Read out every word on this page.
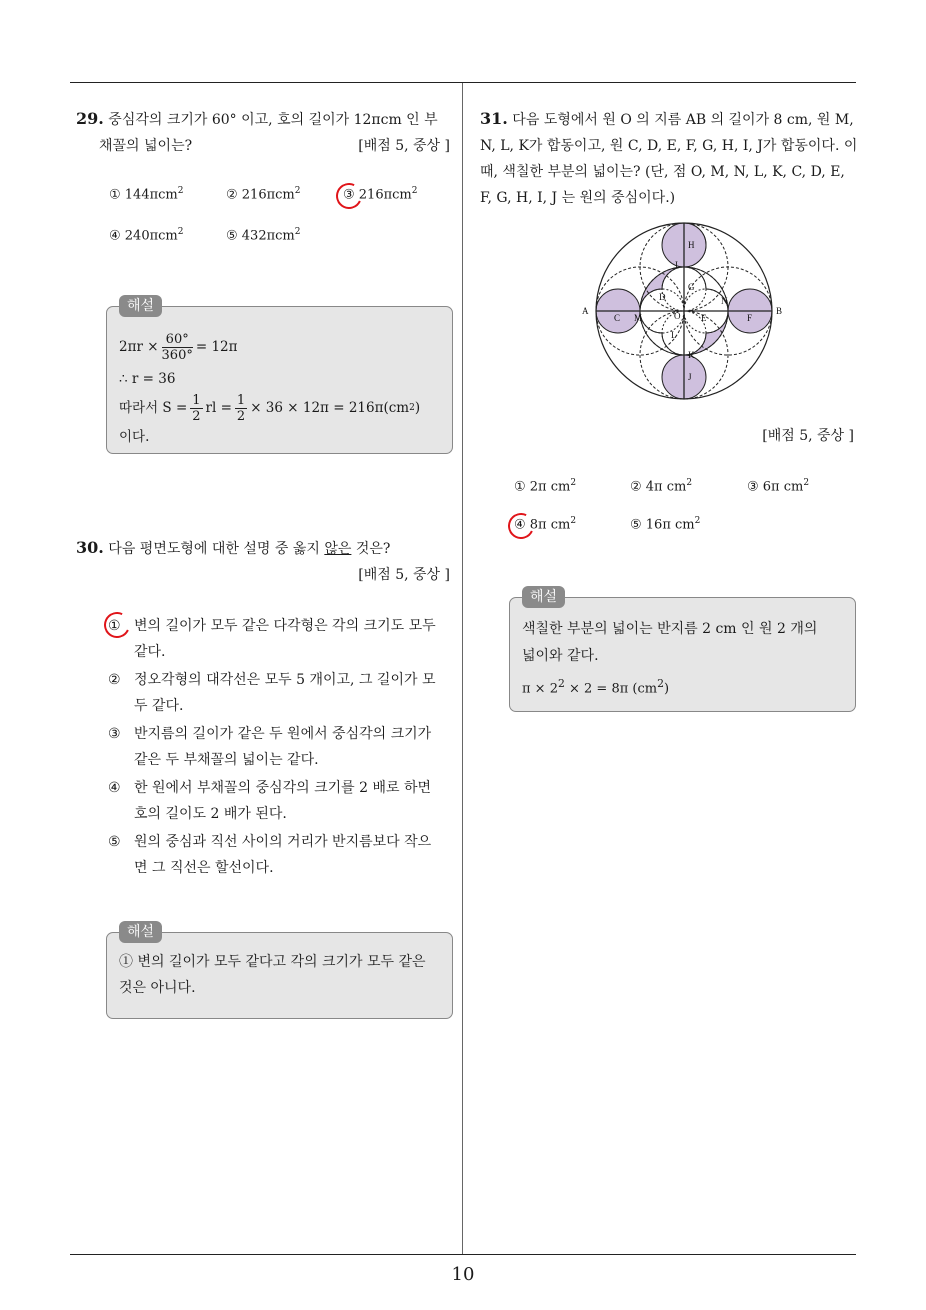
10
29. 중심각의 크기가 60° 이고, 호의 길이가 12πcm 인 부
채꼴의 넓이는?	[배점 5, 중상 ]
① 144πcm$^2$	② 216πcm$^2$	③ 216πcm$^2$
④ 240πcm$^2$	⑤ 432πcm$^2$
해설
$2\pi r \times \frac{60^\circ}{360^\circ} = 12\pi$
∴ r = 36
따라서 $S = \frac{1}{2}$ rl = $\frac{1}{2} \times 36 \times 12\pi = 216\pi(cm$ 2 )
이다.
30. 다음 평면도형에 대한 설명 중 옳지 않은 것은?
[배점 5, 중상 ]
① 변의 길이가 모두 같은 다각형은 각의 크기도 모두 같다.
② 정오각형의 대각선은 모두 5 개이고, 그 길이가 모두 같다.
③ 반지름의 길이가 같은 두 원에서 중심각의 크기가 같은 두 부채꼴의 넓이는 같다.
④ 한 원에서 부채꼴의 중심각의 크기를 2 배로 하면 호의 길이도 2 배가 된다.
⑤ 원의 중심과 직선 사이의 거리가 반지름보다 작으면 그 직선은 할선이다.
해설
① 변의 길이가 모두 같다고 각의 크기가 모두 같은 것은 아니다.
31. 다음 도형에서 원 O 의 지름 AB 의 길이가 8 cm, 원 M, N, L, K가 합동이고, 원 C, D, E, F, G, H, I, J가 합동이다. 이 때, 색칠한 부분의 넓이는? (단, 점 O, M, N, L, K, C, D, E, F, G, H, I, J 는 원의 중심이다.)
A	B
C
D
E	F
G
H
I
J
K
L
M
N
O
[배점 5, 중상 ]
① 2π $cm^2$	② 4π $cm^2$	③ 6π $cm^2$
④ 8π $cm^2$	⑤ 16π $cm^2$
해설
색칠한 부분의 넓이는 반지름 2 cm 인 원 2 개의
넓이와 같다.
$\pi \times 2^2 \times 2 = 8\pi$ $(cm^2)$
